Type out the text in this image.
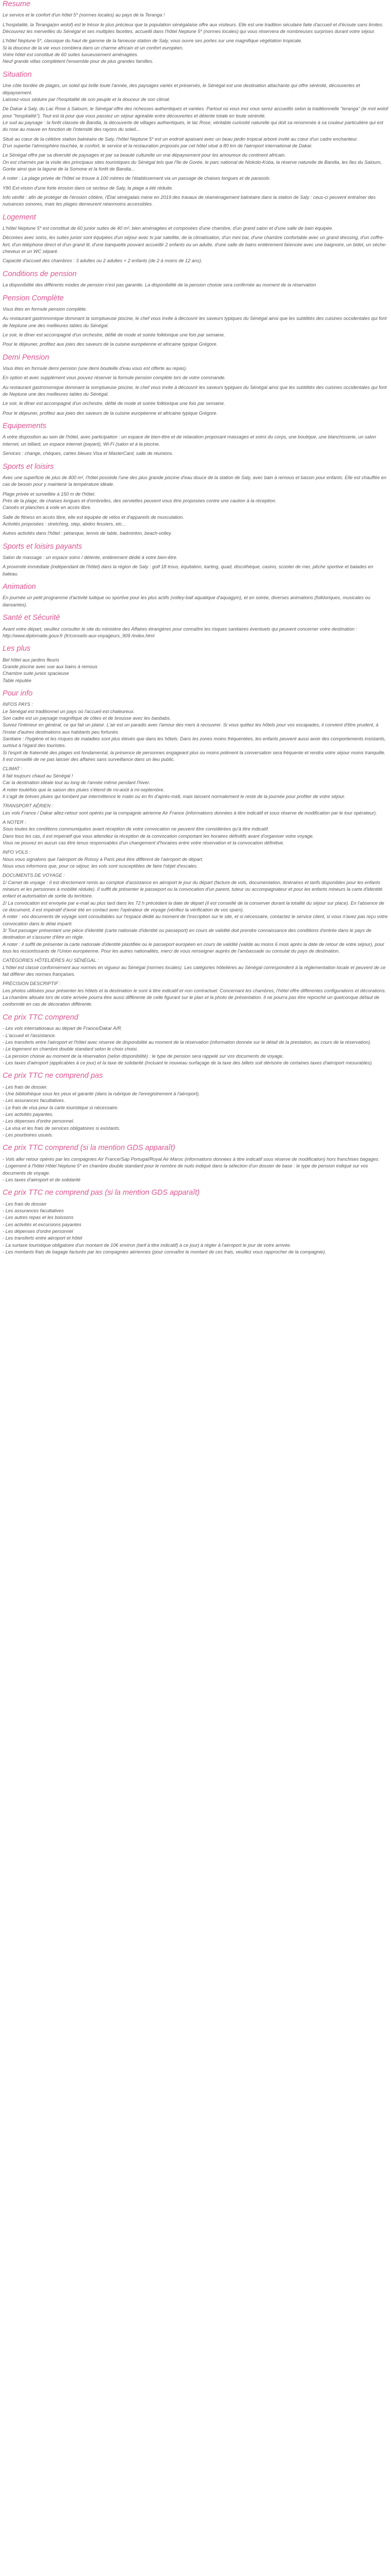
Resume

Le service et le confort d'un hôtel 5* (normes locales) au pays de la Teranga !

L'hospitalité, la Teranga(en wolof) est le trésor le plus précieux que la population sénégalaise offre aux visiteurs. Elle est une tradition séculaire faite d'accueil et d'écoute sans limites. Découvrez les merveilles du Sénégal et ses multiples facettes, accueilli dans l'hôtel Neptune 5* (normes locales) qui vous réservera de nombreuses surprises durant votre séjour.

L'hôtel Neptune 5*, classique du haut de gamme de la fameuse station de Saly, vous ouvre ses portes sur une magnifique végétation tropicale.
Si la douceur de la vie vous comblera dans un charme africain et un confort européen.
Votre hôtel est constitué de 60 suites luxueusement aménagées.
Neuf grande villas complètent l'ensemble pour de plus grandes familles.

Situation

Une côte bordée de plages, un soleil qui brille toute l'année, des paysages variés et préservés, le Sénégal est une destination attachante qui offre sérénité, découvertes et dépaysement.
Laissez-vous séduire par l'hospitalité de son peuple et la douceur de son climat.

De Dakar à Saly, du Lac Rose à Saloum, le Sénégal offre des richesses authentiques et variées. Partout où vous irez vous serez accueillis selon la traditionnelle "teranga" (le mot wolof pour "hospitalité"). Tout est là pour que vous passiez un séjour agréable entre découvertes et détente totale en toute sérénité.
Le sud au paysage : la forêt classée de Bandia, la découverte de villages authentiques, le lac Rose, véritable curiosité naturelle qui doit sa renommée à sa couleur particulière qui est du rose au mauve en fonction de l'intensité des rayons du soleil...

Situé au cœur de la célèbre station balnéaire de Saly, l'hôtel Neptune 5* est un endroit apaisant avec un beau jardin tropical arboré invité au cœur d'un cadre enchanteur.
D'un superbe l'atmosphère touchée, le confort, le service et la restauration proposés par cet hôtel situé à 80 km de l'aéroport international de Dakar.

Le Sénégal offre par sa diversité de paysages et par sa beauté culturelle un vrai dépaysement pour les amoureux du continent africain.
On est charmés par la visite des principaux sites touristiques du Sénégal tels que l'île de Gorée, le parc national de Niokolo-Koba, la réserve naturelle de Bandia, les îles du Saloum, Gorée ainsi que la lagune de la Somone et la forêt de Bandia...

A noter : La plage privée de l'hôtel se trouve à 100 mètres de l'établissement via un passage de chaises longues et de parasols.

Y80 Ext-vision d'une forte érosion dans ce secteur de Saly, la plage a été réduite.

Info vérifié : afin de protéger de l'érosion côtière, l'État sénégalais mène en 2019 des travaux de réaménagement balnéaire dans la station de Saly : ceux-ci peuvent entraîner des nuisances sonores, mais les plages demeurent néanmoins accessibles.

Logement

L'hôtel Neptune 5* est constitué de 60 junior suites de 40 m², bien aménagées et composées d'une chambre, d'un grand salon et d'une salle de bain équipée.

Décorées avec soins, les suites junior sont équipées d'un séjour avec tv par satellite, de la climatisation, d'un mini bar, d'une chambre confortable avec un grand dressing, d'un coffre-fort, d'un téléphone direct et d'un grand lit, d'une banquette pouvant accueillir 2 enfants ou un adulte, d'une salle de bains entièrement faïencée avec une baignoire, un bidet, un sèche-cheveux et un WC séparé.

Capacité d'accueil des chambres : 3 adultes ou 2 adultes + 2 enfants (de 2 à moins de 12 ans).

Conditions de pension

La disponibilité des différents modes de pension n'est pas garantie. La disponibilité de la pension choisie sera confirmée au moment de la réservation

Pension Complète

Vous êtes en formule pension complète.

Au restaurant gastronomique dominant la somptueuse piscine, le chef vous invite à découvrir les saveurs typiques du Sénégal ainsi que les subtilités des cuisines occidentales qui font de Neptune une des meilleures tables du Sénégal.

Le soir, le dîner est accompagné d'un orchestre, défilé de mode et soirée folklorique une fois par semaine.

Pour le déjeuner, profitez aux joies des saveurs de la cuisine européenne et africaine typique Grégore.

Demi Pension

Vous êtes en formule demi pension (une demi bouteille d'eau vous est offerte au repas).

En option et avec supplément vous pouvez réserver la formule pension complète lors de votre commande.

Au restaurant gastronomique dominant la somptueuse piscine, le chef vous invite à découvrir les saveurs typiques du Sénégal ainsi que les subtilités des cuisines occidentales qui font de Neptune une des meilleures tables du Sénégal.

Le soir, le dîner est accompagné d'un orchestre, défilé de mode et soirée folklorique une fois par semaine.

Pour le déjeuner, profitez aux joies des saveurs de la cuisine européenne et africaine typique Grégore.

Equipements

A votre disposition au sein de l'hôtel, avec participation : un espace de bien-être et de relaxation proposant massages et soins du corps, une boutique, une blanchisserie, un salon internet, un billard, un espace internet (payant), Wi-Fi (salon et à la piscine.

Services : change, chèques, cartes bleues Visa et MasterCard, salle de réunions.

Sports et loisirs

Avec une superficie de plus de 400 m², l'hôtel possède l'une des plus grande piscine d'eau douce de la station de Saly, avec bain à remous et bassin pour enfants. Elle est chauffée en cas de besoin pour y maintenir la température idéale.

Plage privée et surveillée à 150 m de l'hôtel.
Près de la plage, de chaises longues et d'ombrelles, des serviettes peuvent vous être proposées contre une caution à la réception.
Canoës et planches à voile en accès libre.

Salle de fitness en accès libre, elle est équipée de vélos et d'appareils de musculation.
Activités proposées : stretching, step, abdos fessiers, etc...

Autres activités dans l'hôtel : pétanque, tennis de table, badminton, beach-volley.

Sports et loisirs payants

Salon de massage : un espace soins / détente, entièrement dédié à votre bien-être.

A proximité immédiate (indépendant de l'hôtel) dans la région de Saly : golf 18 trous, équitation, karting, quad, discothèque, casino, scooter de mer, pêche sportive et balades en bateau.

Animation

En journée un petit programme d'activité ludique ou sportive pour les plus actifs (volley-ball aquatique d'aquagym), et en soirée, diverses animations (folkloriques, musicales ou dansantes).

Santé et Sécurité

Avant votre départ, veuillez consulter le site du ministère des Affaires étrangères pour connaître les risques sanitaires éventuels qui peuvent concerner votre destination : http://www.diplomatie.gouv.fr (fr/conseils-aux-voyageurs_909 /index.html

Les plus

Bel hôtel aux jardins fleuris
Grande piscine avec vue aux bains à remous
Chambre suite junior spacieuse
Table réputée

Pour info

INFOS PAYS :
Le Sénégal est traditionnel un pays où l'accueil est chaleureux.
Son cadre est un paysage magnifique de côtes et de brousse avec les baobabs.
Suivez l'intérieur en général, ce qui fait un plaisir. L'air est un paradis avec l'amour des mers à recouvrer. Si vous quittez les hôtels pour vos escapades, il convient d'être prudent, à l'instar d'autres destinations aux habitants peu fortunés.
Sanitaire : l'hygiène et les risques de maladies sont plus élevés que dans les hôtels. Dans les zones moins fréquentées, les enfants peuvent aussi avoir des comportements insistants, surtout à l'égard des touristes.
Si l'esprit de fraternité des plages est fondamental, la présence de personnes engageant plus ou moins poliment la conversation sera fréquente et rendra votre séjour moins tranquille.
Il est conseillé de ne pas laisser des affaires sans surveillance dans un lieu public.

CLIMAT :
Il fait toujours chaud au Sénégal !
Car la destination idéale tout au long de l'année même pendant l'hiver.
A noter toutefois que la saison des pluies s'étend de mi-août à mi-septembre.
Il s'agit de brèves pluies qui tombent par intermittence le matin ou en fin d'après-midi, mais laissent normalement le reste de la journée pour profiter de votre séjour.

TRANSPORT AÉRIEN :
Les vols France / Dakar allez-retour sont opérés par la compagnie aérienne Air France (informations données à titre indicatif et sous réserve de modification par le tour opérateur).

A NOTER :
Sous toutes les conditions communiquées avant réception de votre convocation ne peuvent être considérées qu'à titre indicatif.
Dans tous les cas, il est impératif que vous attendiez la réception de la convocation comportant les horaires définitifs avant d'organiser votre voyage.
Vous ne pouvez en aucun cas être tenus responsables d'un changement d'horaires entre votre réservation et la convocation définitive.

INFO VOLS :
Nous vous signalons que l'aéroport de Roissy à Paris peut être différent de l'aéroport de départ.
Nous vous informons que, pour ce séjour, les vols sont susceptibles de faire l'objet d'escales.

DOCUMENTS DE VOYAGE :
1/ Carnet de voyage : Il est directement remis au comptoir d'assistance en aéroport le jour du départ (facture de vols, documentation, itinéraires et tarifs disponibles pour les enfants mineurs et les personnes à mobilité réduite). Il suffit de présenter le passeport ou la convocation d'un parent, tuteur ou accompagnateur et pour les enfants mineurs la carte d'identité enfant et autorisation de sortie du territoire.
2/ La convocation est envoyée par e-mail au plus tard dans les 72 h précédant la date de départ (il est conseillé de la conserver durant la totalité du séjour sur place). En l'absence de ce document, il est impératif d'avoir été en contact avec l'opérateur de voyage (vérifiez la vérification de vos spam).
A noter : vos documents de voyage sont consultables sur l'espace dédié au moment de l'inscription sur le site, et si nécessaire, contactez le service client, si vous n'avez pas reçu votre convocation dans le délai imparti.
3/ Tout passager présentant une pièce d'identité (carte nationale d'identité ou passeport) en cours de validité doit prendre connaissance des conditions d'entrée dans le pays de destination et s'assurer d'être en règle.
A noter : il suffit de présenter la carte nationale d'identité plastifiée ou le passeport européen en cours de validité (valide au moins 6 mois après la date de retour de votre séjour), pour tous les ressortissants de l'Union européenne. Pour les autres nationalités, merci de vous renseigner auprès de l'ambassade ou consulat du pays de destination.

CATÉGORIES HÔTELIÈRES AU SÉNÉGAL :
L'hôtel est classé conformément aux normes en vigueur au Sénégal (normes locales). Les catégories hôtelières au Sénégal correspondent à la réglementation locale et peuvent de ce fait différer des normes françaises.

PRÉCISION DESCRIPTIF :
Les photos utilisées pour présenter les hôtels et la destination le sont à titre indicatif et non contractuel. Concernant les chambres, l'hôtel offre différentes configurations et décorations. La chambre allouée lors de votre arrivée pourra être aussi différente de celle figurant sur le plan et la photo de présentation. Il ne pourra pas être reproché un quelconque défaut de conformité en cas de décoration différente.

Ce prix TTC comprend

- Les vols internationaux au départ de France/Dakar A/R.
- L'accueil et l'assistance.
- Les transferts entre l'aéroport et l'hôtel avec réserve de disponibilité au moment de la réservation (information donnée sur le détail de la prestation, au cours de la réservation).
- Le logement en chambre double standard selon le choix choisi.
- La pension choisie au moment de la réservation (selon disponibilité) : le type de pension sera rappelé sur vos documents de voyage.
- Les taxes d'aéroport (applicables à ce jour) et la taxe de solidarité (Incluant le nouveau surfaçage de la taxe des billets soit dérisoire de certaines taxes d'aéroport mesurables).

Ce prix TTC ne comprend pas

- Les frais de dossier.
- Une bibliothèque sous les yeux et garantir (dans la rubrique de l'enregistrement à l'aéroport).
- Les assurances facultatives.
- Le frais de visa pour la carte touristique si nécessaire.
- Les activités payantes.
- Les dépenses d'ordre personnel.
- La visa et les frais de services obligatoires si existants.
- Les pourboires usuels.

Ce prix TTC comprend (si la mention GDS apparaît)

- Vols aller retour opérés par les compagnies Air France/Sap Portugal/Royal Air Maroc (informations données à titre indicatif sous réserve de modification) hors franchises bagages.
- Logement à l'hôtel Hôtel Neptune 5* en chambre double standard pour le nombre de nuits indiqué dans la sélection d'un dossier de base : le type de pension indiqué sur vos documents de voyage.
- Les taxes d'aéroport et de solidarité

Ce prix TTC ne comprend pas (si la mention GDS apparaît)

- Les frais de dossier
- Les assurances facultatives
- Les autres repas et les boissons
- Les activités et excursions payantes
- Les dépenses d'ordre personnel
- Les transferts entre aéroport et hôtel
- La surtaxe touristique obligatoire d'un montant de 10€ environ (tarif à titre indicatif) à ce jour) à régler à l'aéroport le jour de votre arrivée.
- Les montants frais de bagage facturés par les compagnies aériennes (pour connaître le montant de ces frais, veuillez vous rapprocher de la compagnie).
